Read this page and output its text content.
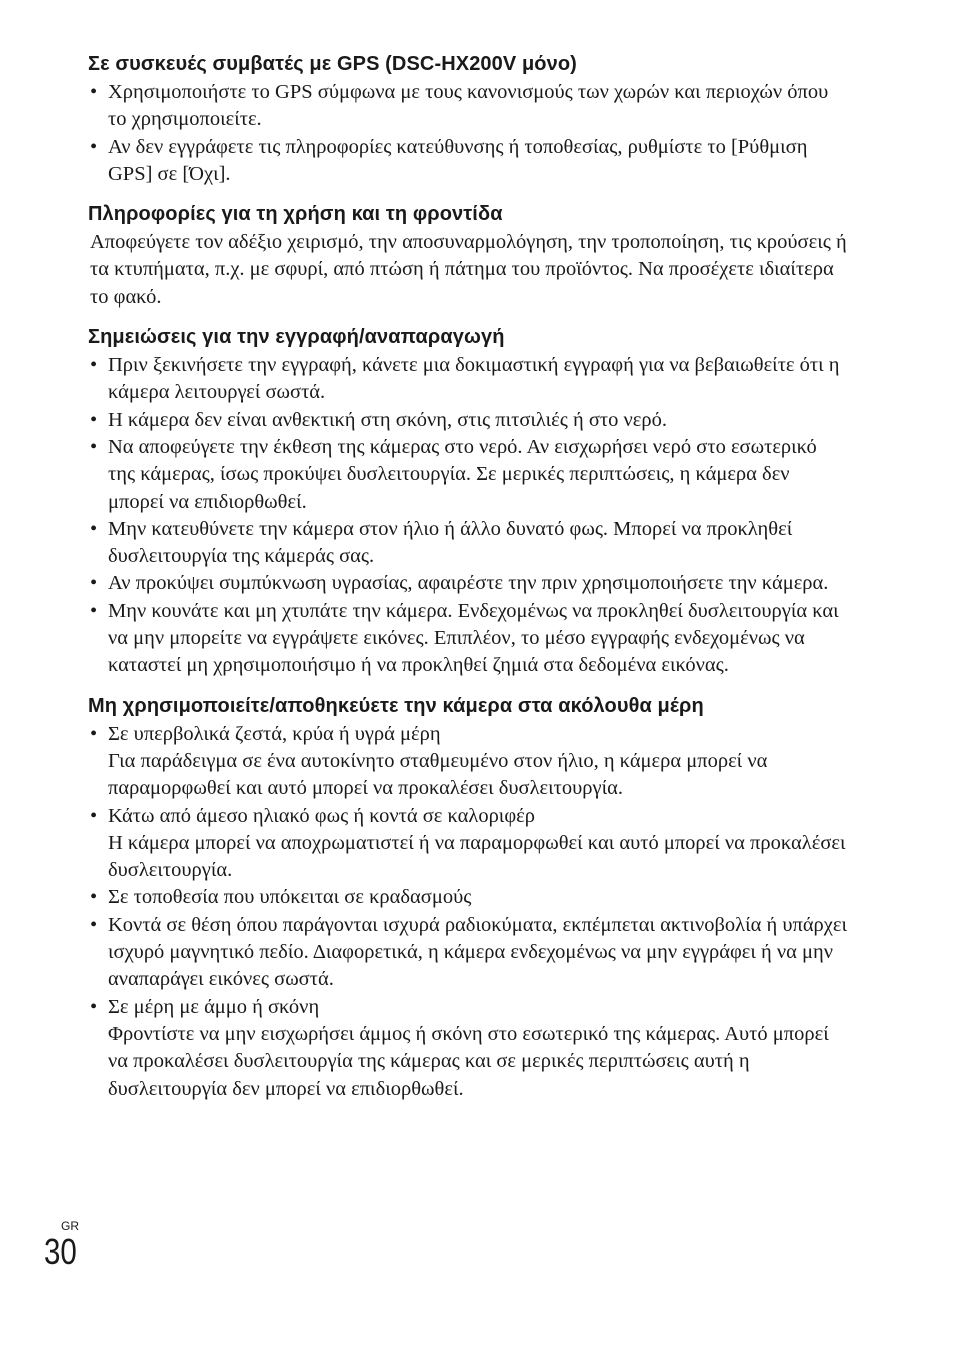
Σε συσκευές συμβατές με GPS (DSC-HX200V μόνο)
• Χρησιμοποιήστε το GPS σύμφωνα με τους κανονισμούς των χωρών και περιοχών όπου το χρησιμοποιείτε.
• Αν δεν εγγράφετε τις πληροφορίες κατεύθυνσης ή τοποθεσίας, ρυθμίστε το [Ρύθμιση GPS] σε [Όχι].
Πληροφορίες για τη χρήση και τη φροντίδα

Αποφεύγετε τον αδέξιο χειρισμό, την αποσυναρμολόγηση, την τροποποίηση, τις κρούσεις ή τα κτυπήματα, π.χ. με σφυρί, από πτώση ή πάτημα του προϊόντος. Να προσέχετε ιδιαίτερα το φακό.

Σημειώσεις για την εγγραφή/αναπαραγωγή
• Πριν ξεκινήσετε την εγγραφή, κάνετε μια δοκιμαστική εγγραφή για να βεβαιωθείτε ότι η κάμερα λειτουργεί σωστά.
• Η κάμερα δεν είναι ανθεκτική στη σκόνη, στις πιτσιλιές ή στο νερό.
• Να αποφεύγετε την έκθεση της κάμερας στο νερό. Αν εισχωρήσει νερό στο εσωτερικό της κάμερας, ίσως προκύψει δυσλειτουργία. Σε μερικές περιπτώσεις, η κάμερα δεν μπορεί να επιδιορθωθεί.
• Μην κατευθύνετε την κάμερα στον ήλιο ή άλλο δυνατό φως. Μπορεί να προκληθεί δυσλειτουργία της κάμεράς σας.
• Αν προκύψει συμπύκνωση υγρασίας, αφαιρέστε την πριν χρησιμοποιήσετε την κάμερα.
• Μην κουνάτε και μη χτυπάτε την κάμερα. Ενδεχομένως να προκληθεί δυσλειτουργία και να μην μπορείτε να εγγράψετε εικόνες. Επιπλέον, το μέσο εγγραφής ενδεχομένως να καταστεί μη χρησιμοποιήσιμο ή να προκληθεί ζημιά στα δεδομένα εικόνας.
Μη χρησιμοποιείτε/αποθηκεύετε την κάμερα στα ακόλουθα μέρη
• Σε υπερβολικά ζεστά, κρύα ή υγρά μέρη
Για παράδειγμα σε ένα αυτοκίνητο σταθμευμένο στον ήλιο, η κάμερα μπορεί να παραμορφωθεί και αυτό μπορεί να προκαλέσει δυσλειτουργία.
• Κάτω από άμεσο ηλιακό φως ή κοντά σε καλοριφέρ
Η κάμερα μπορεί να αποχρωματιστεί ή να παραμορφωθεί και αυτό μπορεί να προκαλέσει δυσλειτουργία.
• Σε τοποθεσία που υπόκειται σε κραδασμούς
• Κοντά σε θέση όπου παράγονται ισχυρά ραδιοκύματα, εκπέμπεται ακτινοβολία ή υπάρχει ισχυρό μαγνητικό πεδίο. Διαφορετικά, η κάμερα ενδεχομένως να μην εγγράφει ή να μην αναπαράγει εικόνες σωστά.
• Σε μέρη με άμμο ή σκόνη
Φροντίστε να μην εισχωρήσει άμμος ή σκόνη στο εσωτερικό της κάμερας. Αυτό μπορεί να προκαλέσει δυσλειτουργία της κάμερας και σε μερικές περιπτώσεις αυτή η δυσλειτουργία δεν μπορεί να επιδιορθωθεί.
GR
30
